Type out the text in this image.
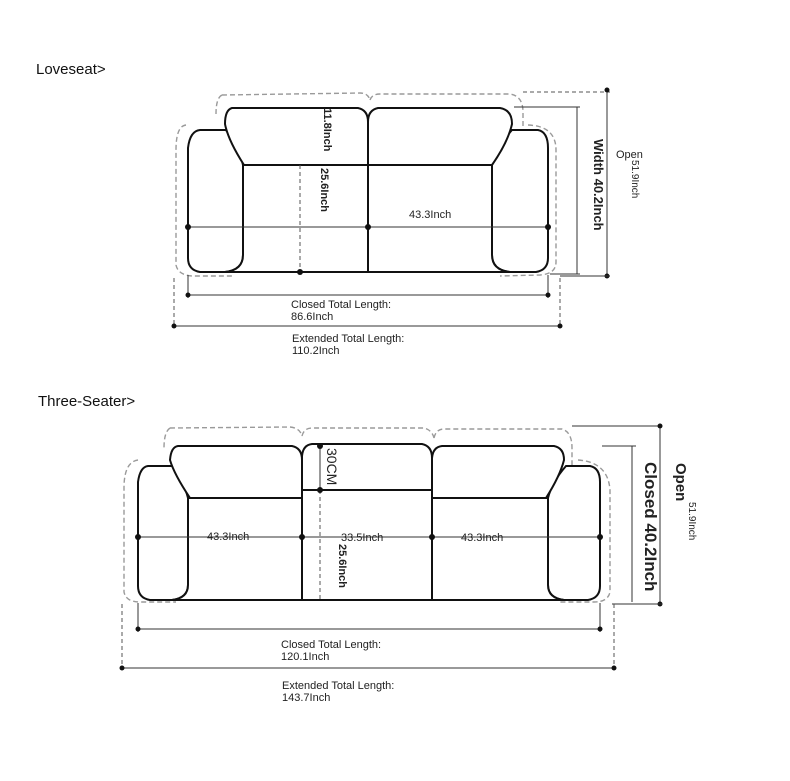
Loveseat>
11.8Inch
25.6Inch
43.3Inch	Width 40.2Inch Open
51.9Inch
Closed Total Length:
86.6Inch
Extended Total Length:
110.2Inch
Three-Seater>
30CM
25.6Inch
43.3Inch	33.5Inch	43.3Inch	Closed 40.2Inch Open
51.9Inch
Closed Total Length:
120.1Inch
Extended Total Length:
143.7Inch
